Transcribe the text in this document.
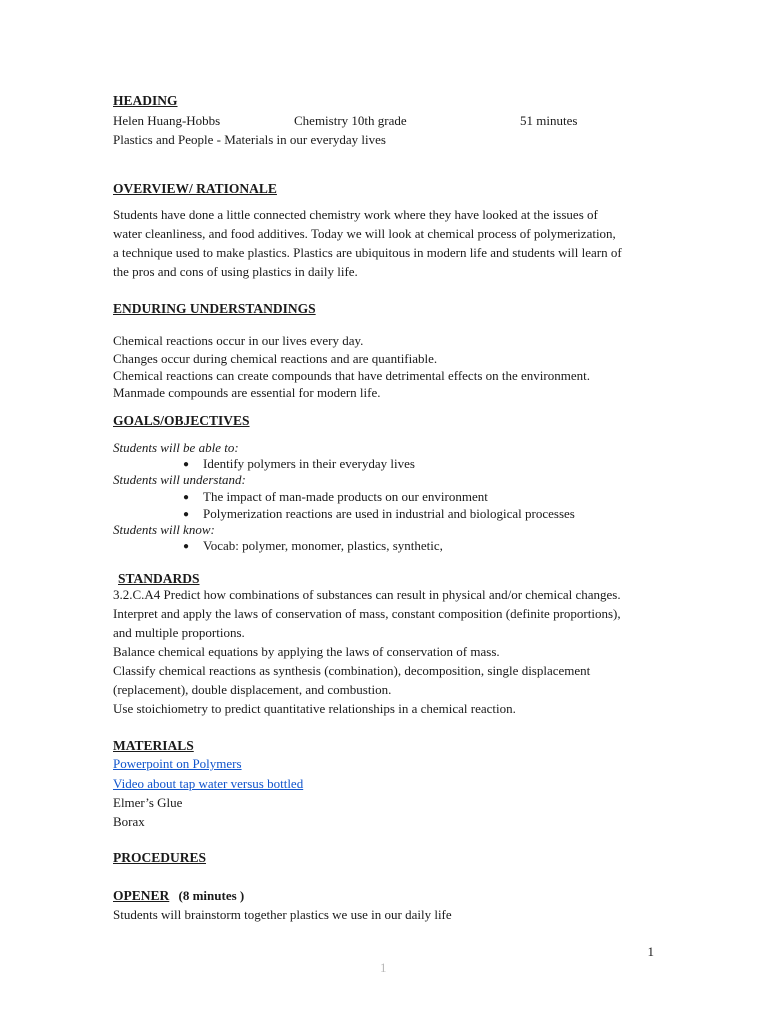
HEADING
Helen Huang-Hobbs	Chemistry 10th grade	51 minutes
Plastics and People - Materials in our everyday lives
OVERVIEW/ RATIONALE
Students have done a little connected chemistry work where they have looked at the issues of
water cleanliness, and food additives. Today we will look at chemical process of polymerization,
a technique used to make plastics. Plastics are ubiquitous in modern life and students will learn of
the pros and cons of using plastics in daily life.
ENDURING UNDERSTANDINGS
Chemical reactions occur in our lives every day.
Changes occur during chemical reactions and are quantifiable.
Chemical reactions can create compounds that have detrimental effects on the environment.
Manmade compounds are essential for modern life.
GOALS/OBJECTIVES
Students will be able to:
● Identify polymers in their everyday lives
Students will understand:
● The impact of man-made products on our environment
● Polymerization reactions are used in industrial and biological processes
Students will know:
● Vocab: polymer, monomer, plastics, synthetic,
STANDARDS
3.2.C.A4 Predict how combinations of substances can result in physical and/or chemical changes.
Interpret and apply the laws of conservation of mass, constant composition (definite proportions),
and multiple proportions.
Balance chemical equations by applying the laws of conservation of mass.
Classify chemical reactions as synthesis (combination), decomposition, single displacement
(replacement), double displacement, and combustion.
Use stoichiometry to predict quantitative relationships in a chemical reaction.
MATERIALS
Powerpoint on Polymers
Video about tap water versus bottled
Elmer’s Glue
Borax
PROCEDURES
OPENER (8 minutes )
Students will brainstorm together plastics we use in our daily life
1
1
